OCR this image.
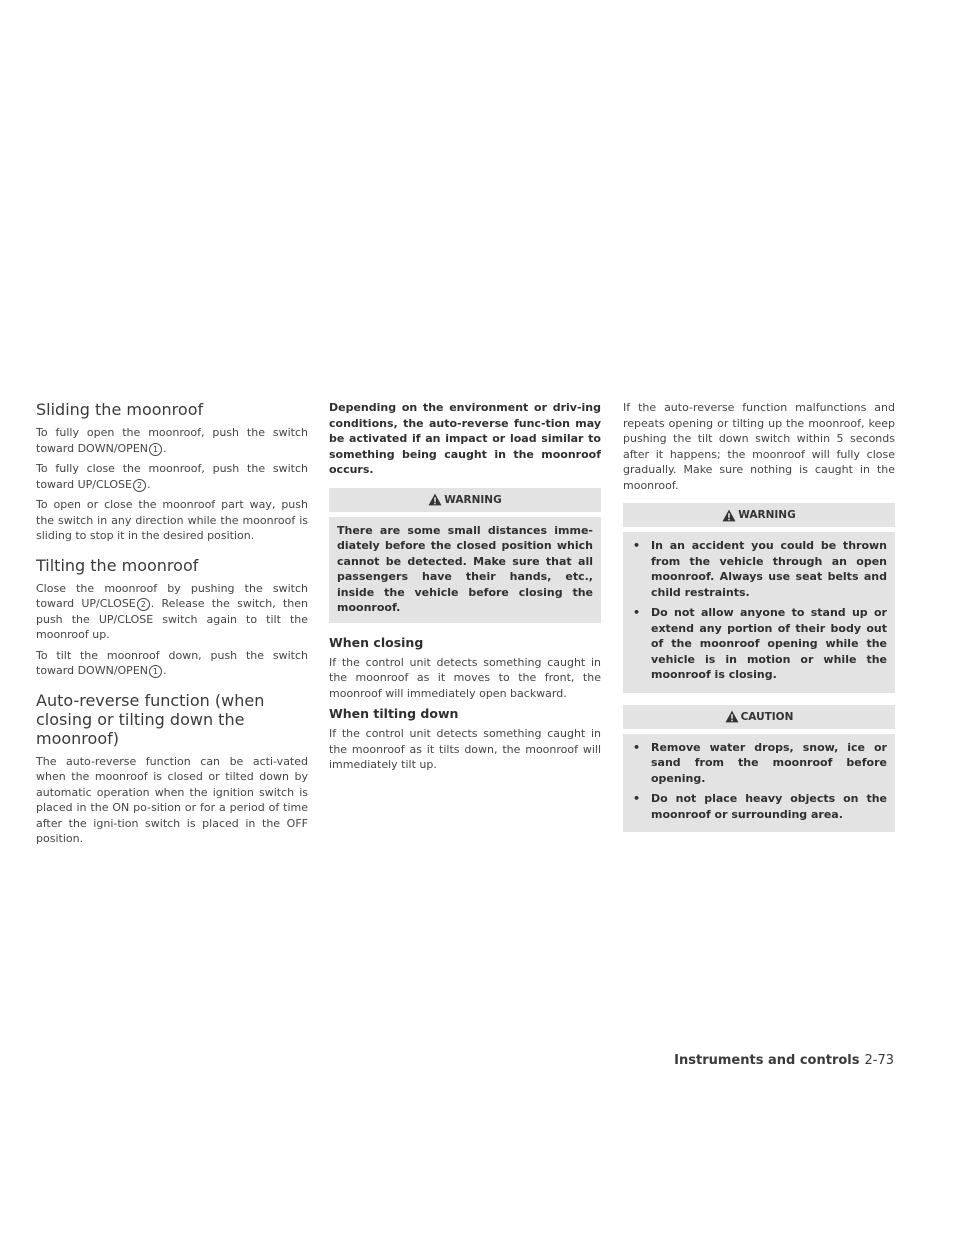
Sliding the moonroof

To fully open the moonroof, push the switch toward DOWN/OPEN 1 .

To fully close the moonroof, push the switch toward UP/CLOSE 2 .

To open or close the moonroof part way, push the switch in any direction while the moonroof is sliding to stop it in the desired position.

Tilting the moonroof

Close the moonroof by pushing the switch toward UP/CLOSE 2 . Release the switch, then push the UP/CLOSE switch again to tilt the moonroof up.

To tilt the moonroof down, push the switch toward DOWN/OPEN 1 .

Auto-reverse function (when closing or tilting down the moonroof)

The auto-reverse function can be acti-vated when the moonroof is closed or tilted down by automatic operation when the ignition switch is placed in the ON po-sition or for a period of time after the igni-tion switch is placed in the OFF position.

Depending on the environment or driv-ing conditions, the auto-reverse func-tion may be activated if an impact or load similar to something being caught in the moonroof occurs.

WARNING

There are some small distances imme-diately before the closed position which cannot be detected. Make sure that all passengers have their hands, etc., inside the vehicle before closing the moonroof.

When closing

If the control unit detects something caught in the moonroof as it moves to the front, the moonroof will immediately open backward.

When tilting down

If the control unit detects something caught in the moonroof as it tilts down, the moonroof will immediately tilt up.

If the auto-reverse function malfunctions and repeats opening or tilting up the moonroof, keep pushing the tilt down switch within 5 seconds after it happens; the moonroof will fully close gradually. Make sure nothing is caught in the moonroof.

WARNING
• In an accident you could be thrown from the vehicle through an open moonroof. Always use seat belts and child restraints.
• Do not allow anyone to stand up or extend any portion of their body out of the moonroof opening while the vehicle is in motion or while the moonroof is closing.
CAUTION
• Remove water drops, snow, ice or sand from the moonroof before opening.
• Do not place heavy objects on the moonroof or surrounding area.
Instruments and controls 2-73
